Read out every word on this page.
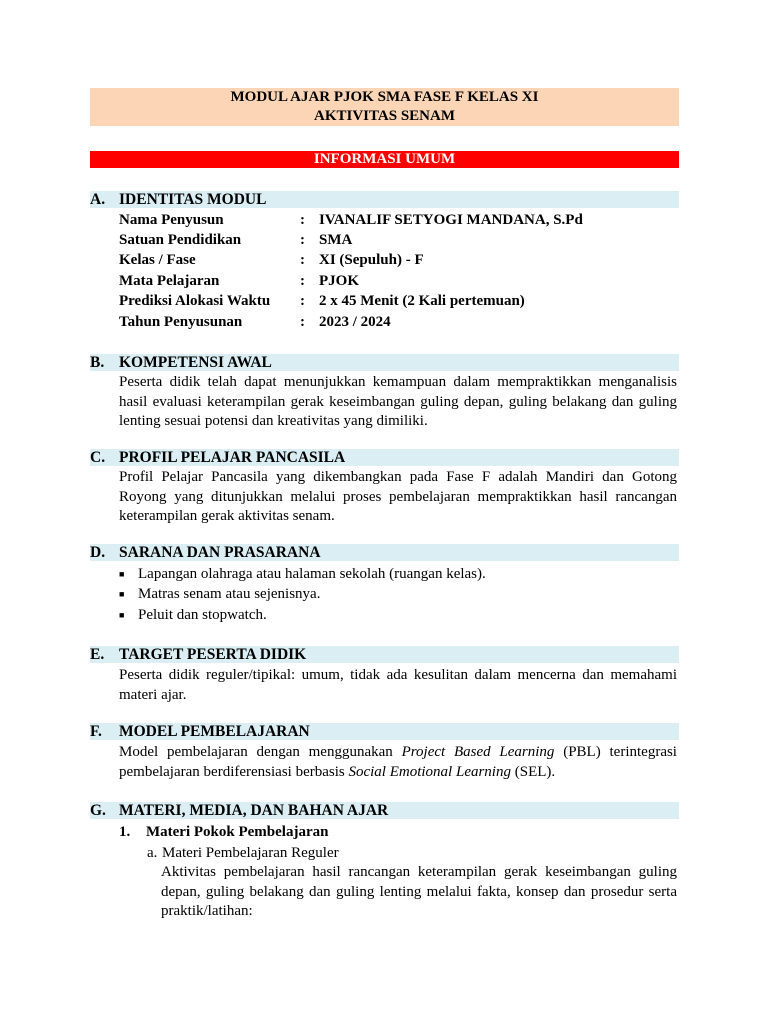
MODUL AJAR PJOK SMA FASE F KELAS XI
AKTIVITAS SENAM
INFORMASI UMUM
A. IDENTITAS MODUL
Nama Penyusun	: IVANALIF SETYOGI MANDANA, S.Pd
Satuan Pendidikan	: SMA
Kelas / Fase	: XI (Sepuluh) - F
Mata Pelajaran	: PJOK
Prediksi Alokasi Waktu : 2 x 45 Menit (2 Kali pertemuan)
Tahun Penyusunan	: 2023 / 2024
B. KOMPETENSI AWAL
Peserta didik telah dapat menunjukkan kemampuan dalam mempraktikkan menganalisis hasil evaluasi keterampilan gerak keseimbangan guling depan, guling belakang dan guling lenting sesuai potensi dan kreativitas yang dimiliki.
C. PROFIL PELAJAR PANCASILA
Profil Pelajar Pancasila yang dikembangkan pada Fase F adalah Mandiri dan Gotong Royong yang ditunjukkan melalui proses pembelajaran mempraktikkan hasil rancangan keterampilan gerak aktivitas senam.
D. SARANA DAN PRASARANA
■ Lapangan olahraga atau halaman sekolah (ruangan kelas).
■ Matras senam atau sejenisnya.
■ Peluit dan stopwatch.
E. TARGET PESERTA DIDIK
Peserta didik reguler/tipikal: umum, tidak ada kesulitan dalam mencerna dan memahami materi ajar.
F. MODEL PEMBELAJARAN
Model pembelajaran dengan menggunakan Project Based Learning (PBL) terintegrasi pembelajaran berdiferensiasi berbasis Social Emotional Learning (SEL).
G. MATERI, MEDIA, DAN BAHAN AJAR
1. Materi Pokok Pembelajaran
a. Materi Pembelajaran Reguler
Aktivitas pembelajaran hasil rancangan keterampilan gerak keseimbangan guling depan, guling belakang dan guling lenting melalui fakta, konsep dan prosedur serta praktik/latihan:
